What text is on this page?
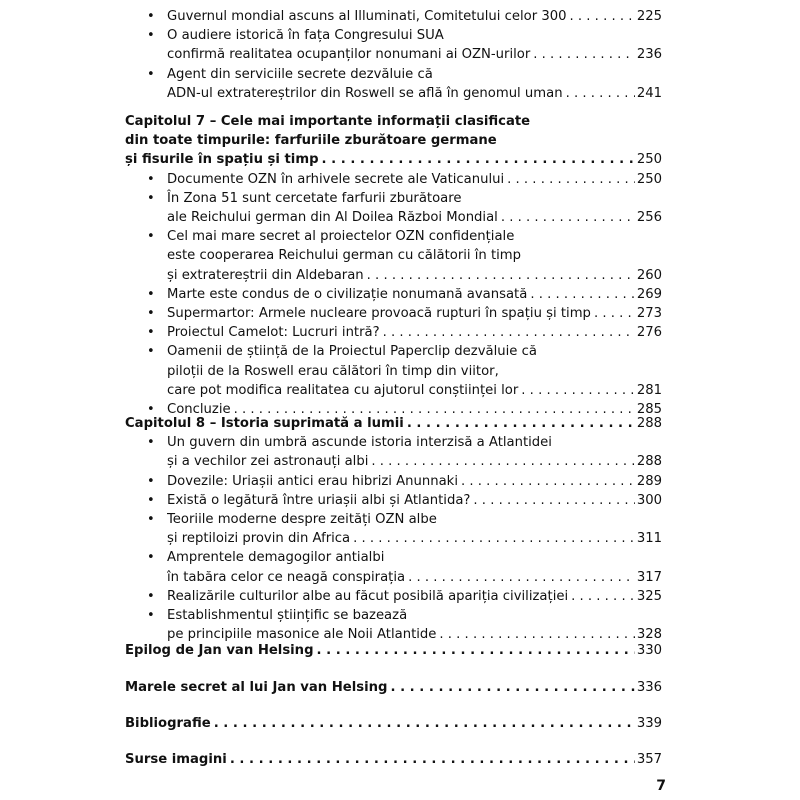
• Guvernul mondial ascuns al Illuminati, Comitetului celor 300 . . .	225
• O audiere istorică în fața Congresului SUA
confirmă realitatea ocupanților nonumani ai OZN-urilor . . .	236
• Agent din serviciile secrete dezvăluie că
ADN-ul extratereștrilor din Roswell se află în genomul uman . . .	241
Capitolul 7 – Cele mai importante informații clasificate
din toate timpurile: farfuriile zburătoare germane
și fisurile în spațiu și timp . . .	250
• Documente OZN în arhivele secrete ale Vaticanului . . .	250
• În Zona 51 sunt cercetate farfurii zburătoare
ale Reichului german din Al Doilea Război Mondial . . .	256
• Cel mai mare secret al proiectelor OZN confidențiale
este cooperarea Reichului german cu călătorii în timp
și extratereștrii din Aldebaran . . .	260
• Marte este condus de o civilizație nonumană avansată . . .	269
• Supermartor: Armele nucleare provoacă rupturi în spațiu și timp . . .	273
• Proiectul Camelot: Lucruri intră? . . .	276
• Oamenii de știință de la Proiectul Paperclip dezvăluie că
piloții de la Roswell erau călători în timp din viitor,
care pot modifica realitatea cu ajutorul conștiinței lor . . .	281
• Concluzie . . .	285
Capitolul 8 – Istoria suprimată a lumii . . .	288
• Un guvern din umbră ascunde istoria interzisă a Atlantidei
și a vechilor zei astronauți albi . . .	288
• Dovezile: Uriașii antici erau hibrizi Anunnaki . . .	289
• Există o legătură între uriașii albi și Atlantida? . . .	300
• Teoriile moderne despre zeități OZN albe
și reptiloizi provin din Africa . . .	311
• Amprentele demagogilor antialbi
în tabăra celor ce neagă conspirația . . .	317
• Realizările culturilor albe au făcut posibilă apariția civilizației . . .	325
• Establishmentul științific se bazează
pe principiile masonice ale Noii Atlantide . . .	328
Epilog de Jan van Helsing . . .	330
Marele secret al lui Jan van Helsing . . .	336
Bibliografie . . .	339
Surse imagini . . .	357
7
